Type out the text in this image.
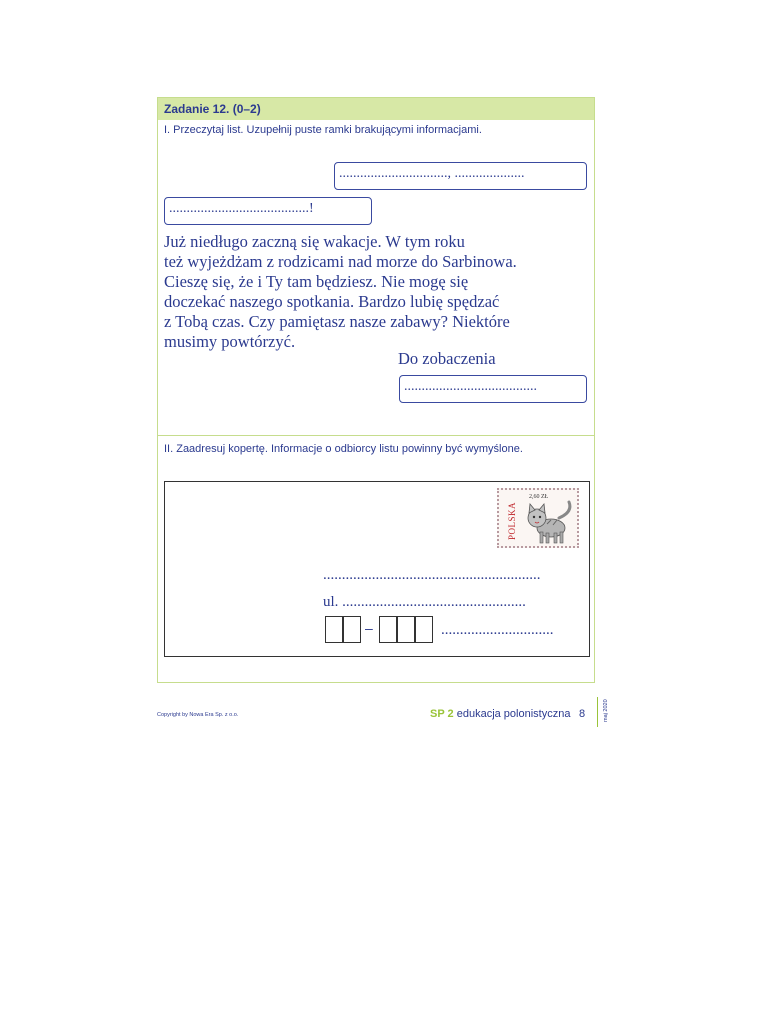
Zadanie 12. (0–2)
I. Przeczytaj list. Uzupełnij puste ramki brakującymi informacjami.
..............................., ....................
........................................!
Już niedługo zaczną się wakacje. W tym roku
też wyjeżdżam z rodzicami nad morze do Sarbinowa.
Cieszę się, że i Ty tam będziesz. Nie mogę się
doczekać naszego spotkania. Bardzo lubię spędzać
z Tobą czas. Czy pamiętasz nasze zabawy? Niektóre
musimy powtórzyć.
Do zobaczenia
......................................
II. Zaadresuj kopertę. Informacje o odbiorcy listu powinny być wymyślone.
2,60 ZŁ
POLSKA
..........................................................
ul. .................................................
–	..............................
Copyright by Nowa Era Sp. z o.o.	SP 2 edukacja polonistyczna 8	maj 2020
